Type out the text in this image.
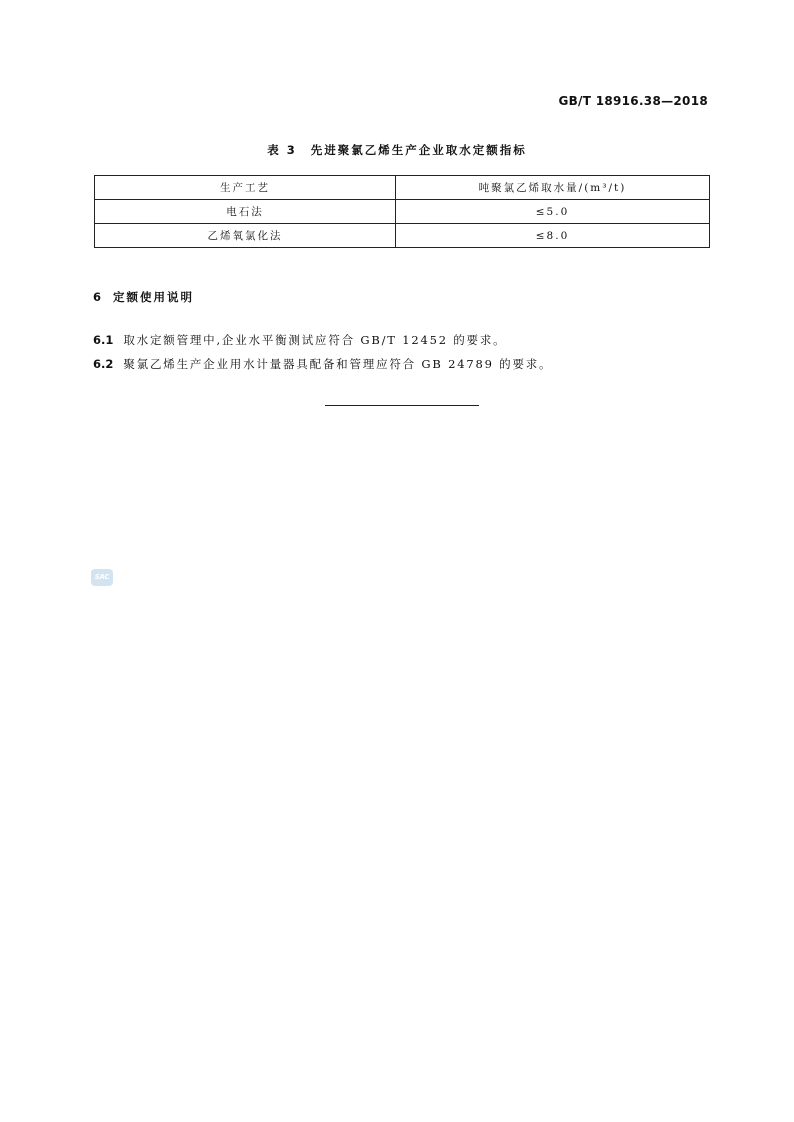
GB/T 18916.38—2018
表 3 先进聚氯乙烯生产企业取水定额指标
生产工艺	吨聚氯乙烯取水量/(m³/t)
电石法	≤5.0
乙烯氧氯化法	≤8.0
6 定额使用说明
6.1 取水定额管理中,企业水平衡测试应符合 GB/T 12452 的要求。
6.2 聚氯乙烯生产企业用水计量器具配备和管理应符合 GB 24789 的要求。
SAC
